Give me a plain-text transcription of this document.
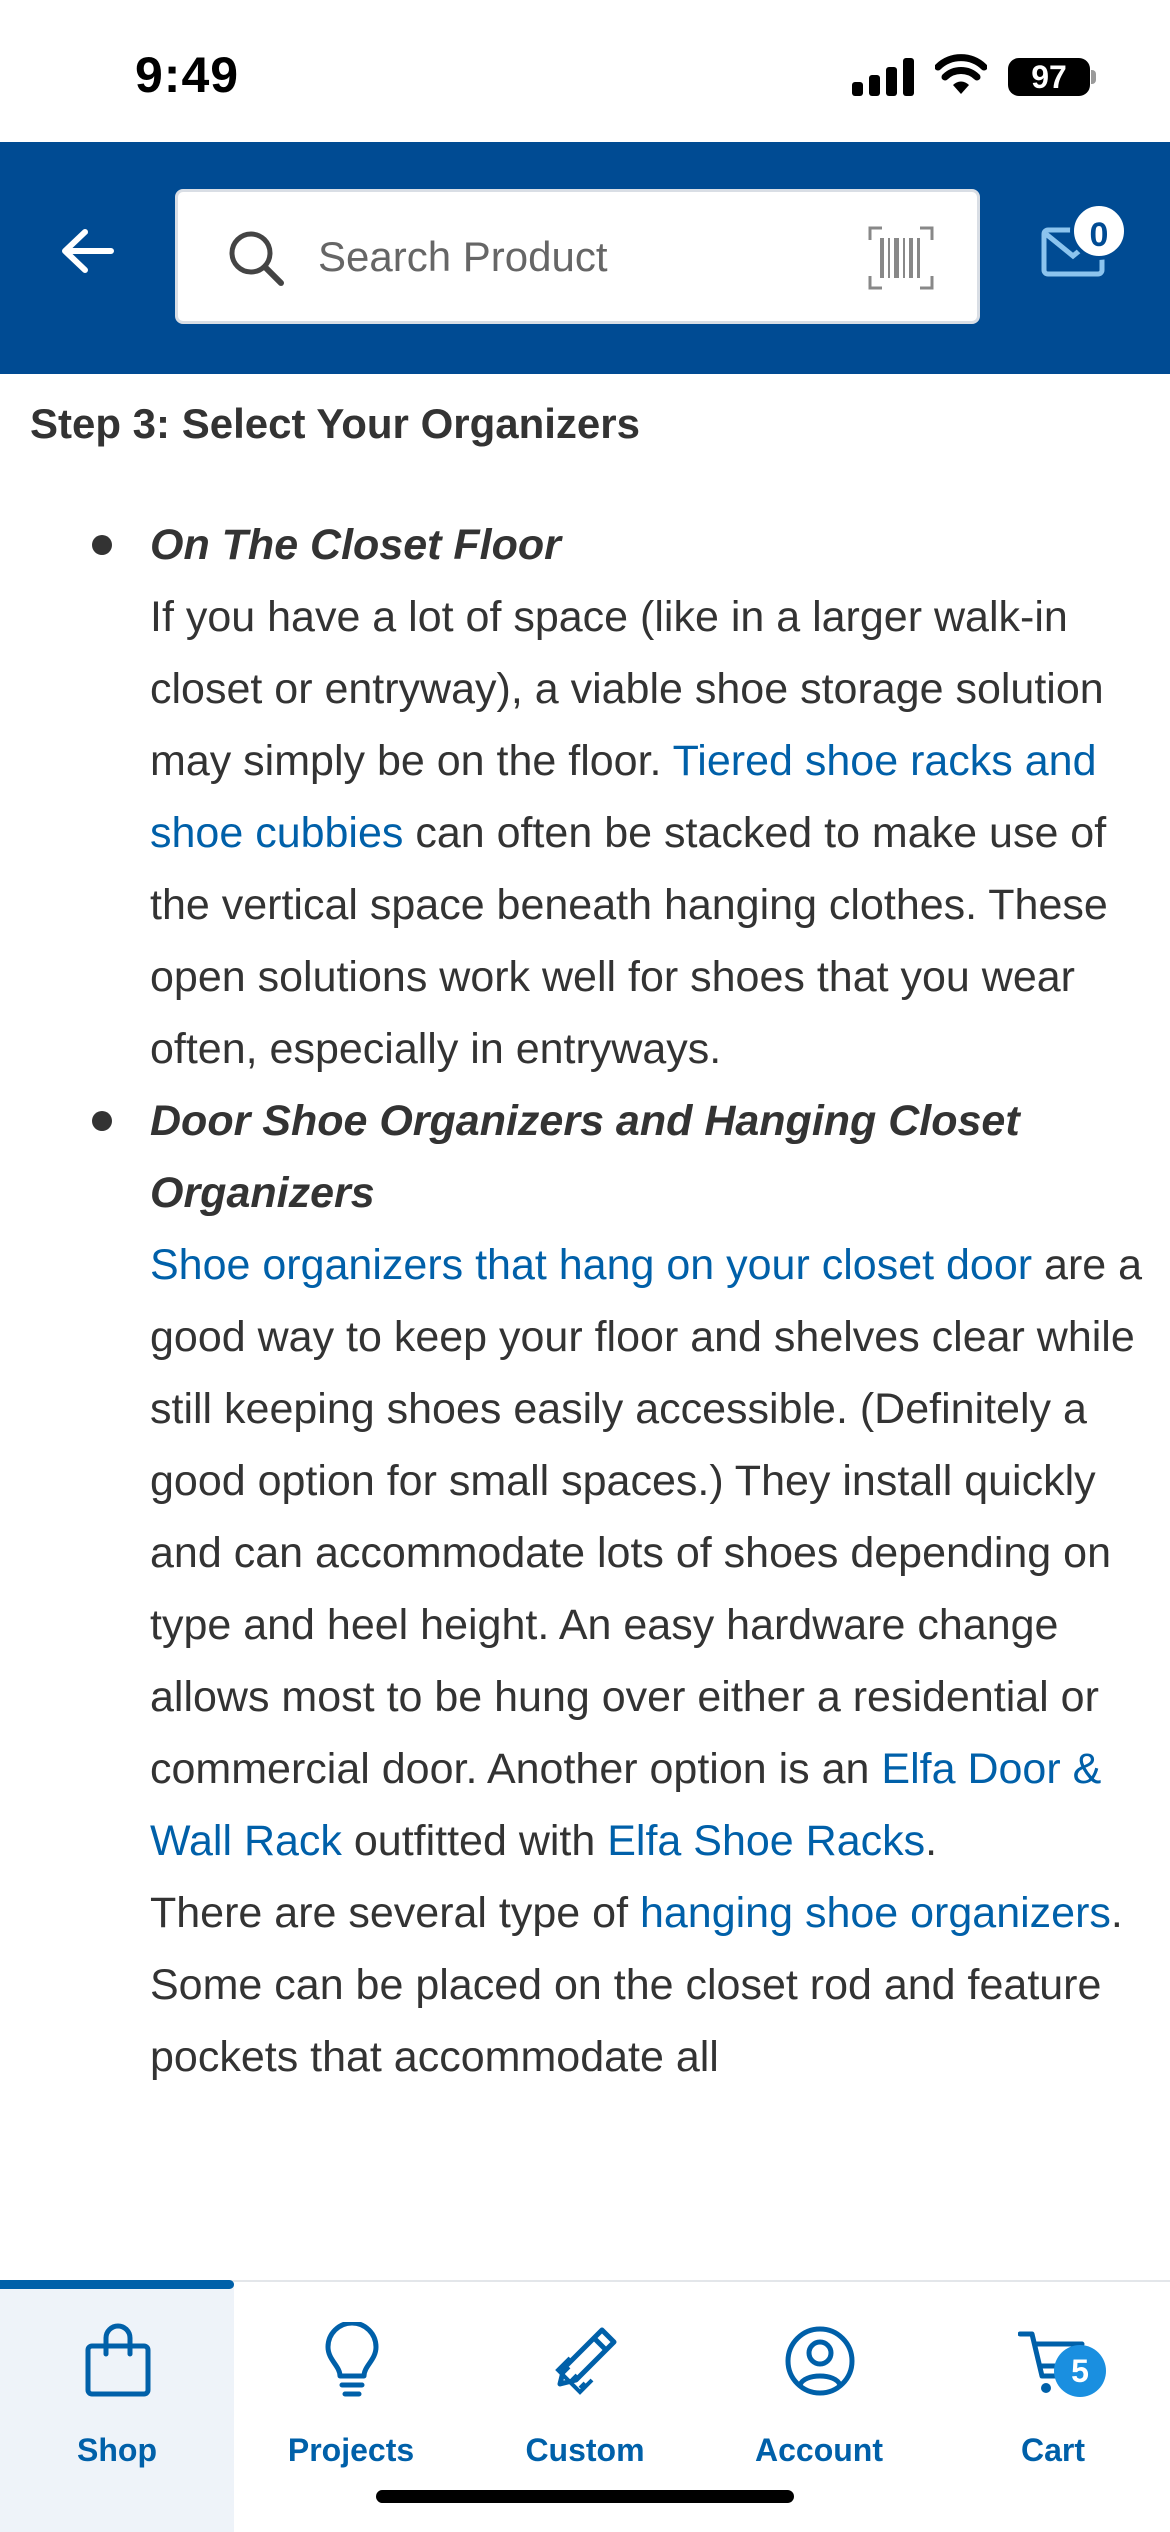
9:49	97
Search Product
0
Step 3: Select Your Organizers
On The Closet Floor

If you have a lot of space (like in a larger walk-in closet or entryway), a viable shoe storage solution may simply be on the floor. Tiered shoe racks and shoe cubbies can often be stacked to make use of the vertical space beneath hanging clothes. These open solutions work well for shoes that you wear often, especially in entryways.

Door Shoe Organizers and Hanging Closet Organizers

Shoe organizers that hang on your closet door are a good way to keep your floor and shelves clear while still keeping shoes easily accessible. (Definitely a good option for small spaces.) They install quickly and can accommodate lots of shoes depending on type and heel height. An easy hardware change allows most to be hung over either a residential or commercial door. Another option is an Elfa Door & Wall Rack outfitted with Elfa Shoe Racks.

There are several type of hanging shoe organizers. Some can be placed on the closet rod and feature pockets that accommodate all

Shop	Projects	Custom	Account	Cart
5
